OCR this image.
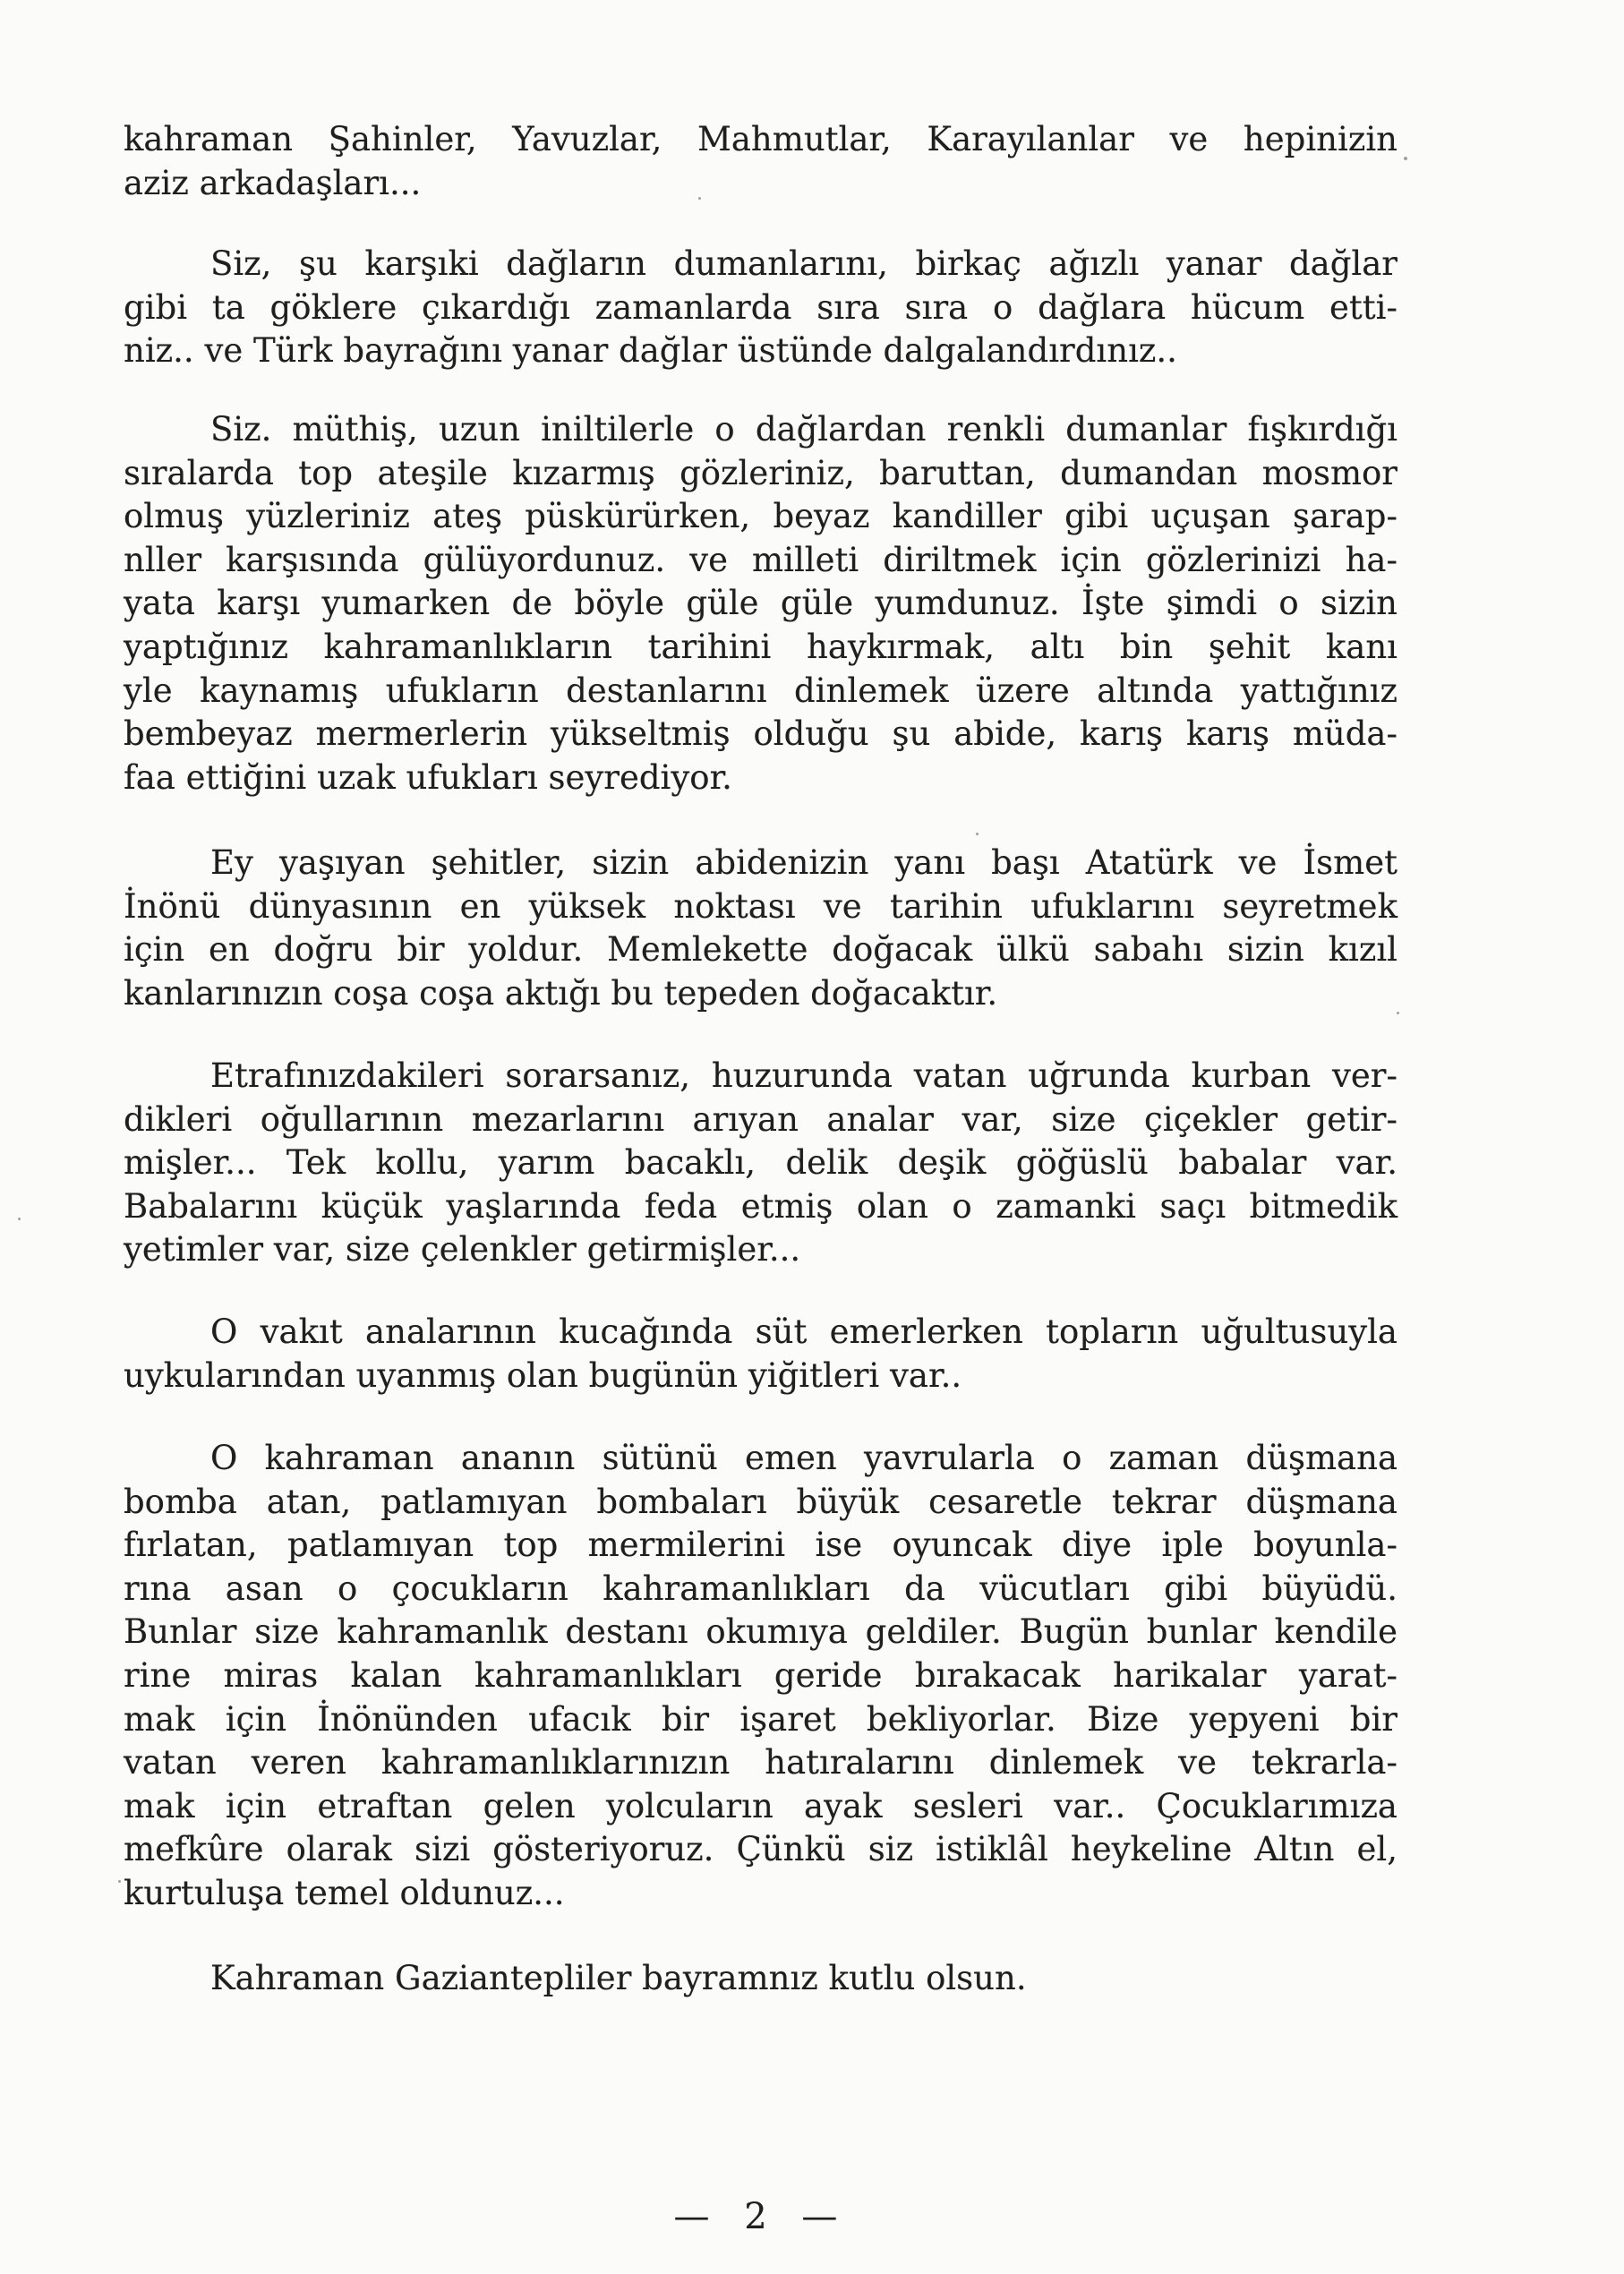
kahraman Şahinler, Yavuzlar, Mahmutlar, Karayılanlar ve hepinizin
aziz arkadaşları...
Siz, şu karşıki dağların dumanlarını, birkaç ağızlı yanar dağlar
gibi ta göklere çıkardığı zamanlarda sıra sıra o dağlara hücum etti-
niz.. ve Türk bayrağını yanar dağlar üstünde dalgalandırdınız..
Siz. müthiş, uzun iniltilerle o dağlardan renkli dumanlar fışkırdığı
sıralarda top ateşile kızarmış gözleriniz, baruttan, dumandan mosmor
olmuş yüzleriniz ateş püskürürken, beyaz kandiller gibi uçuşan şarap-
nller karşısında gülüyordunuz. ve milleti diriltmek için gözlerinizi ha-
yata karşı yumarken de böyle güle güle yumdunuz. İşte şimdi o sizin
yaptığınız kahramanlıkların tarihini haykırmak, altı bin şehit kanı
yle kaynamış ufukların destanlarını dinlemek üzere altında yattığınız
bembeyaz mermerlerin yükseltmiş olduğu şu abide, karış karış müda-
faa ettiğini uzak ufukları seyrediyor.
Ey yaşıyan şehitler, sizin abidenizin yanı başı Atatürk ve İsmet
İnönü dünyasının en yüksek noktası ve tarihin ufuklarını seyretmek
için en doğru bir yoldur. Memlekette doğacak ülkü sabahı sizin kızıl
kanlarınızın coşa coşa aktığı bu tepeden doğacaktır.
Etrafınızdakileri sorarsanız, huzurunda vatan uğrunda kurban ver-
dikleri oğullarının mezarlarını arıyan analar var, size çiçekler getir-
mişler... Tek kollu, yarım bacaklı, delik deşik göğüslü babalar var.
Babalarını küçük yaşlarında feda etmiş olan o zamanki saçı bitmedik
yetimler var, size çelenkler getirmişler...
O vakıt analarının kucağında süt emerlerken topların uğultusuyla
uykularından uyanmış olan bugünün yiğitleri var..
O kahraman ananın sütünü emen yavrularla o zaman düşmana
bomba atan, patlamıyan bombaları büyük cesaretle tekrar düşmana
fırlatan, patlamıyan top mermilerini ise oyuncak diye iple boyunla-
rına asan o çocukların kahramanlıkları da vücutları gibi büyüdü.
Bunlar size kahramanlık destanı okumıya geldiler. Bugün bunlar kendile
rine miras kalan kahramanlıkları geride bırakacak harikalar yarat-
mak için İnönünden ufacık bir işaret bekliyorlar. Bize yepyeni bir
vatan veren kahramanlıklarınızın hatıralarını dinlemek ve tekrarla-
mak için etraftan gelen yolcuların ayak sesleri var.. Çocuklarımıza
mefkûre olarak sizi gösteriyoruz. Çünkü siz istiklâl heykeline Altın el,
kurtuluşa temel oldunuz...
Kahraman Gaziantepliler bayramnız kutlu olsun.
— 2 —
